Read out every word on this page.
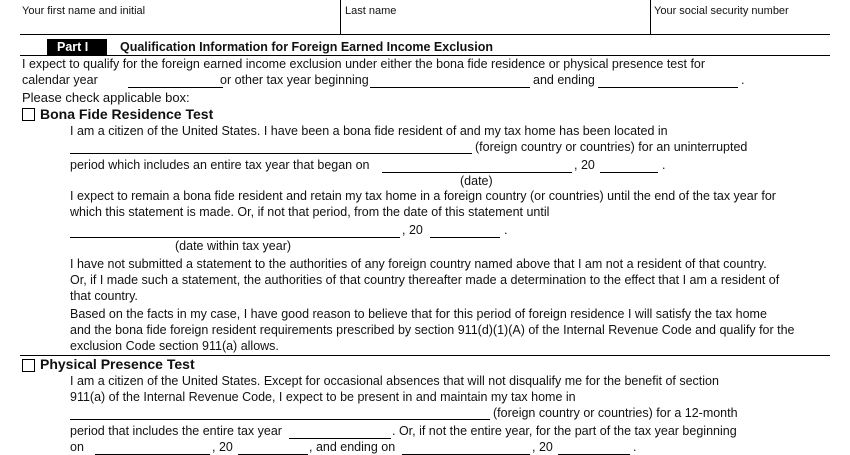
Your first name and initial	Last name	Your social security number
Part I	Qualification Information for Foreign Earned Income Exclusion
I expect to qualify for the foreign earned income exclusion under either the bona fide residence or physical presence test for
calendar year	or other tax year beginning	and ending	.
Please check applicable box:
Bona Fide Residence Test
I am a citizen of the United States. I have been a bona fide resident of and my tax home has been located in
(foreign country or countries) for an uninterrupted
period which includes an entire tax year that began on	, 20	.
(date)
I expect to remain a bona fide resident and retain my tax home in a foreign country (or countries) until the end of the tax year for
which this statement is made. Or, if not that period, from the date of this statement until
, 20	.
(date within tax year)
I have not submitted a statement to the authorities of any foreign country named above that I am not a resident of that country.
Or, if I made such a statement, the authorities of that country thereafter made a determination to the effect that I am a resident of
that country.
Based on the facts in my case, I have good reason to believe that for this period of foreign residence I will satisfy the tax home
and the bona fide foreign resident requirements prescribed by section 911(d)(1)(A) of the Internal Revenue Code and qualify for the
exclusion Code section 911(a) allows.
Physical Presence Test
I am a citizen of the United States. Except for occasional absences that will not disqualify me for the benefit of section
911(a) of the Internal Revenue Code, I expect to be present in and maintain my tax home in
(foreign country or countries) for a 12-month
period that includes the entire tax year	. Or, if not the entire year, for the part of the tax year beginning
on	, 20	, and ending on	, 20	.
